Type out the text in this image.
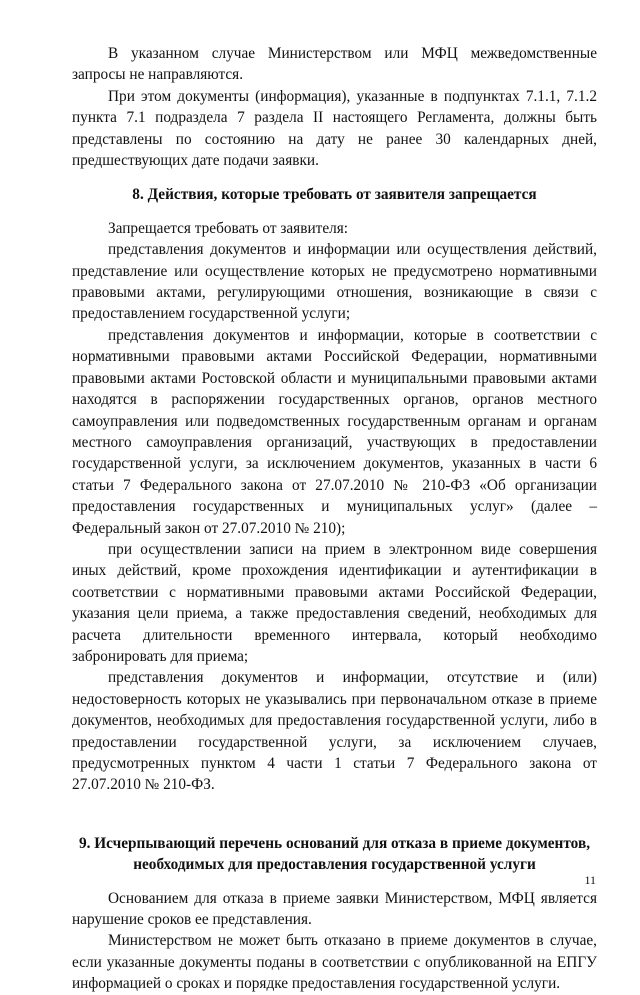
В указанном случае Министерством или МФЦ межведомственные запросы не направляются.

При этом документы (информация), указанные в подпунктах 7.1.1, 7.1.2 пункта 7.1 подраздела 7 раздела II настоящего Регламента, должны быть представлены по состоянию на дату не ранее 30 календарных дней, предшествующих дате подачи заявки.

8. Действия, которые требовать от заявителя запрещается

Запрещается требовать от заявителя:

представления документов и информации или осуществления действий, представление или осуществление которых не предусмотрено нормативными правовыми актами, регулирующими отношения, возникающие в связи с предоставлением государственной услуги;

представления документов и информации, которые в соответствии с нормативными правовыми актами Российской Федерации, нормативными правовыми актами Ростовской области и муниципальными правовыми актами находятся в распоряжении государственных органов, органов местного самоуправления или подведомственных государственным органам и органам местного самоуправления организаций, участвующих в предоставлении государственной услуги, за исключением документов, указанных в части 6 статьи 7 Федерального закона от 27.07.2010 № 210-ФЗ «Об организации предоставления государственных и муниципальных услуг» (далее – Федеральный закон от 27.07.2010 № 210);

при осуществлении записи на прием в электронном виде совершения иных действий, кроме прохождения идентификации и аутентификации в соответствии с нормативными правовыми актами Российской Федерации, указания цели приема, а также предоставления сведений, необходимых для расчета длительности временного интервала, который необходимо забронировать для приема;

представления документов и информации, отсутствие и (или) недостоверность которых не указывались при первоначальном отказе в приеме документов, необходимых для предоставления государственной услуги, либо в предоставлении государственной услуги, за исключением случаев, предусмотренных пунктом 4 части 1 статьи 7 Федерального закона от 27.07.2010 № 210-ФЗ.

9. Исчерпывающий перечень оснований для отказа в приеме документов, необходимых для предоставления государственной услуги

Основанием для отказа в приеме заявки Министерством, МФЦ является нарушение сроков ее представления.

Министерством не может быть отказано в приеме документов в случае, если указанные документы поданы в соответствии с опубликованной на ЕПГУ информацией о сроках и порядке предоставления государственной услуги.

11
